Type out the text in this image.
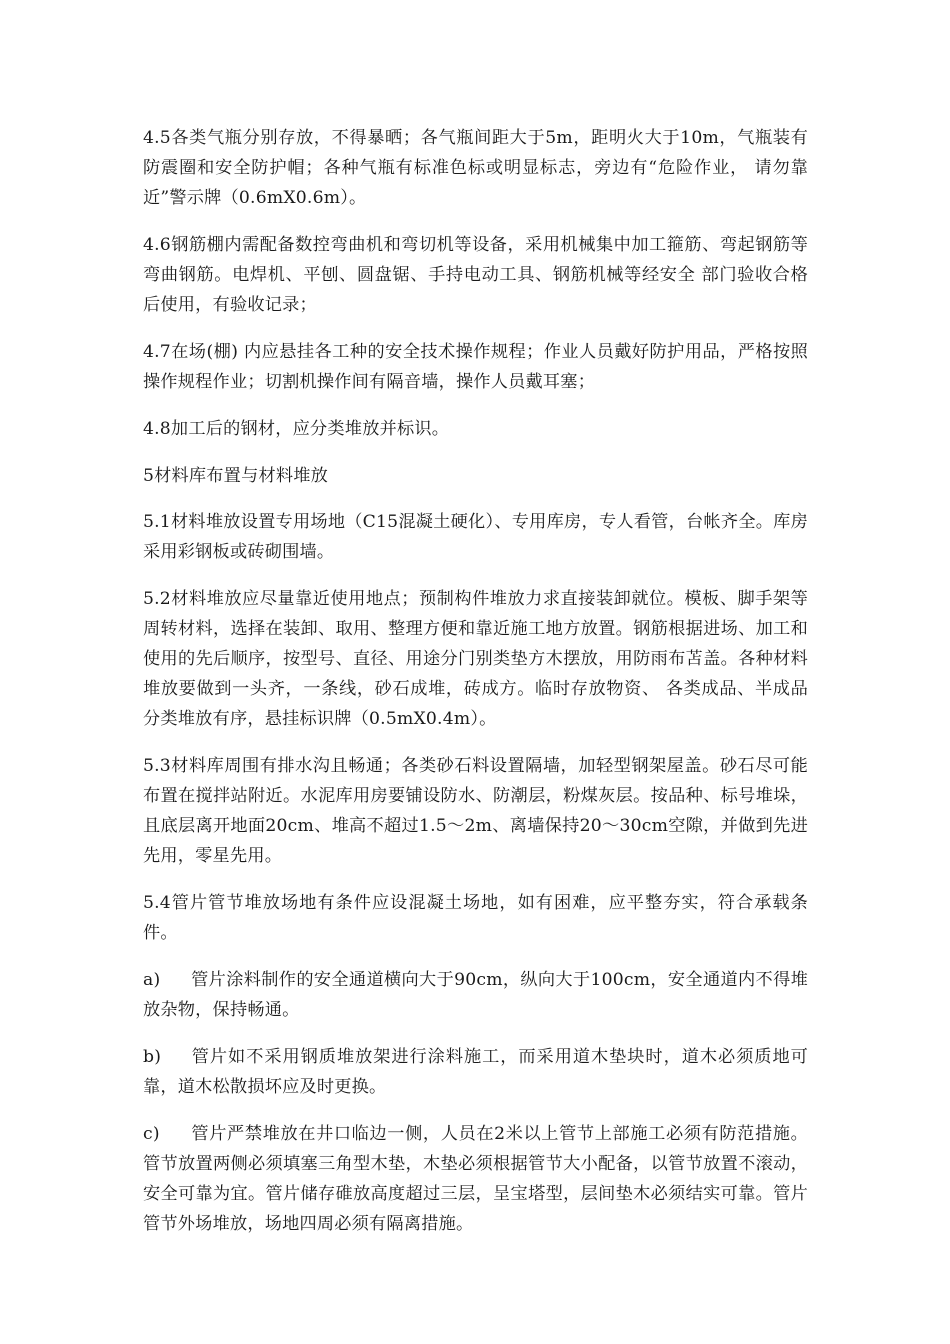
4.5各类气瓶分别存放，不得暴晒；各气瓶间距大于5m，距明火大于10m，气瓶装有防震圈和安全防护帽；各种气瓶有标准色标或明显标志，旁边有“危险作业， 请勿靠近”警示牌（0.6mX0.6m）。

4.6钢筋棚内需配备数控弯曲机和弯切机等设备，采用机械集中加工箍筋、弯起钢筋等弯曲钢筋。电焊机、平刨、圆盘锯、手持电动工具、钢筋机械等经安全 部门验收合格后使用，有验收记录；

4.7在场(棚) 内应悬挂各工种的安全技术操作规程；作业人员戴好防护用品，严格按照操作规程作业；切割机操作间有隔音墙，操作人员戴耳塞；

4.8加工后的钢材，应分类堆放并标识。

5材料库布置与材料堆放

5.1材料堆放设置专用场地（C15混凝土硬化）、专用库房，专人看管，台帐齐全。库房采用彩钢板或砖砌围墙。

5.2材料堆放应尽量靠近使用地点；预制构件堆放力求直接装卸就位。模板、脚手架等周转材料，选择在装卸、取用、整理方便和靠近施工地方放置。钢筋根据进场、加工和使用的先后顺序，按型号、直径、用途分门别类垫方木摆放，用防雨布苫盖。各种材料堆放要做到一头齐，一条线，砂石成堆，砖成方。临时存放物资、 各类成品、半成品分类堆放有序，悬挂标识牌（0.5mX0.4m）。

5.3材料库周围有排水沟且畅通；各类砂石料设置隔墙，加轻型钢架屋盖。砂石尽可能布置在搅拌站附近。水泥库用房要铺设防水、防潮层，粉煤灰层。按品种、标号堆垛，且底层离开地面20cm、堆高不超过1.5〜2m、离墙保持20〜30cm空隙，并做到先进先用，零星先用。

5.4管片管节堆放场地有条件应设混凝土场地，如有困难，应平整夯实，符合承载条件。

a) 管片涂料制作的安全通道横向大于90cm，纵向大于100cm，安全通道内不得堆放杂物，保持畅通。

b) 管片如不采用钢质堆放架进行涂料施工，而采用道木垫块时，道木必须质地可靠，道木松散损坏应及时更换。

c) 管片严禁堆放在井口临边一侧，人员在2米以上管节上部施工必须有防范措施。管节放置两侧必须填塞三角型木垫，木垫必须根据管节大小配备，以管节放置不滚动，安全可靠为宜。管片储存碓放高度超过三层，呈宝塔型，层间垫木必须结实可靠。管片管节外场堆放，场地四周必须有隔离措施。
